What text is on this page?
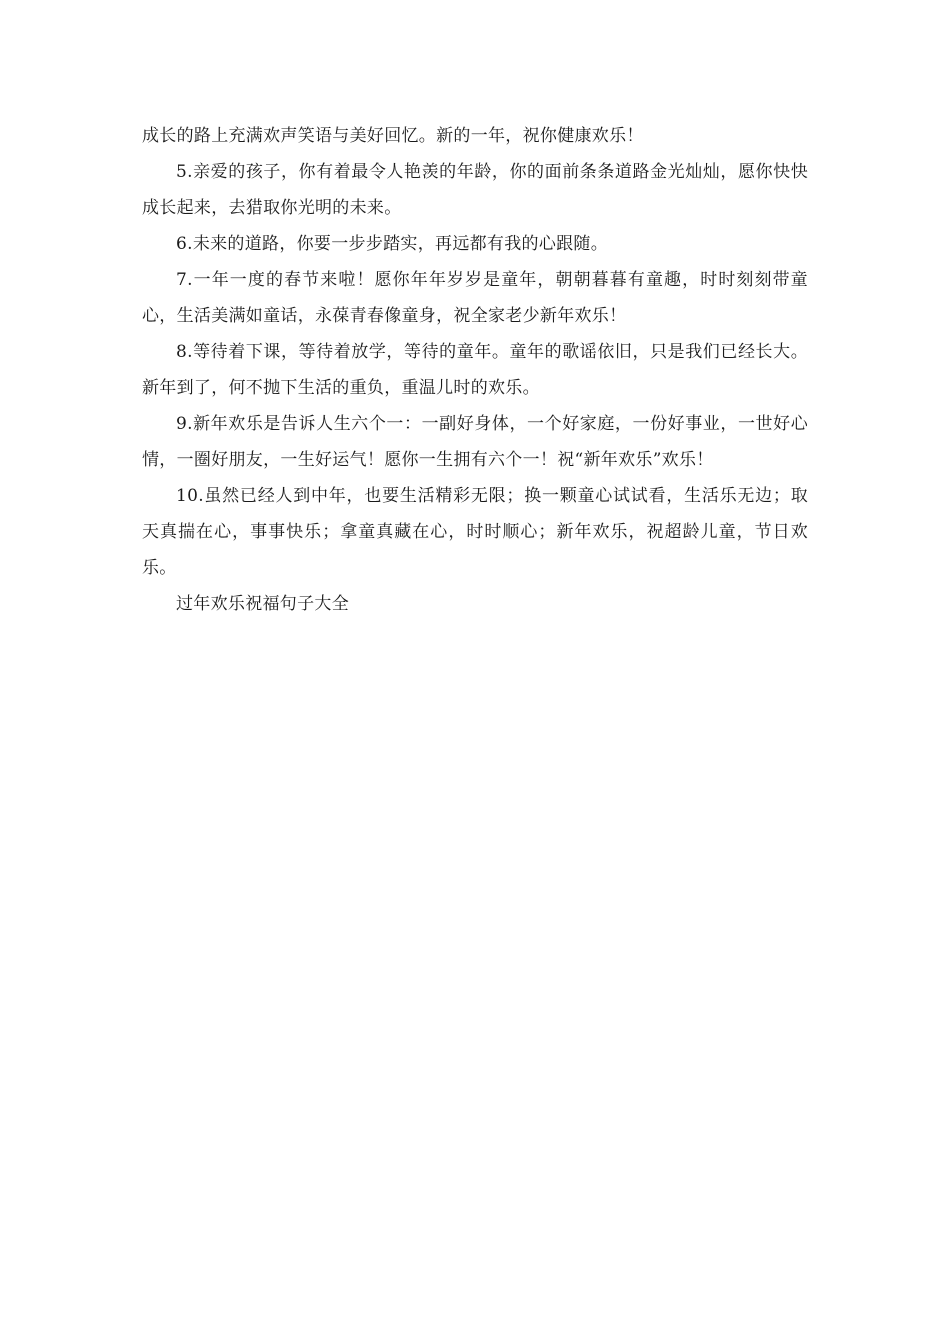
成长的路上充满欢声笑语与美好回忆。新的一年，祝你健康欢乐！

5.亲爱的孩子，你有着最令人艳羡的年龄，你的面前条条道路金光灿灿，愿你快快成长起来，去猎取你光明的未来。

6.未来的道路，你要一步步踏实，再远都有我的心跟随。

7.一年一度的春节来啦！愿你年年岁岁是童年，朝朝暮暮有童趣，时时刻刻带童心，生活美满如童话，永葆青春像童身，祝全家老少新年欢乐！

8.等待着下课，等待着放学，等待的童年。童年的歌谣依旧，只是我们已经长大。新年到了，何不抛下生活的重负，重温儿时的欢乐。

9.新年欢乐是告诉人生六个一：一副好身体，一个好家庭，一份好事业，一世好心情，一圈好朋友，一生好运气！愿你一生拥有六个一！祝“新年欢乐”欢乐！

10.虽然已经人到中年，也要生活精彩无限；换一颗童心试试看，生活乐无边；取天真揣在心，事事快乐；拿童真藏在心，时时顺心；新年欢乐，祝超龄儿童，节日欢乐。

过年欢乐祝福句子大全
